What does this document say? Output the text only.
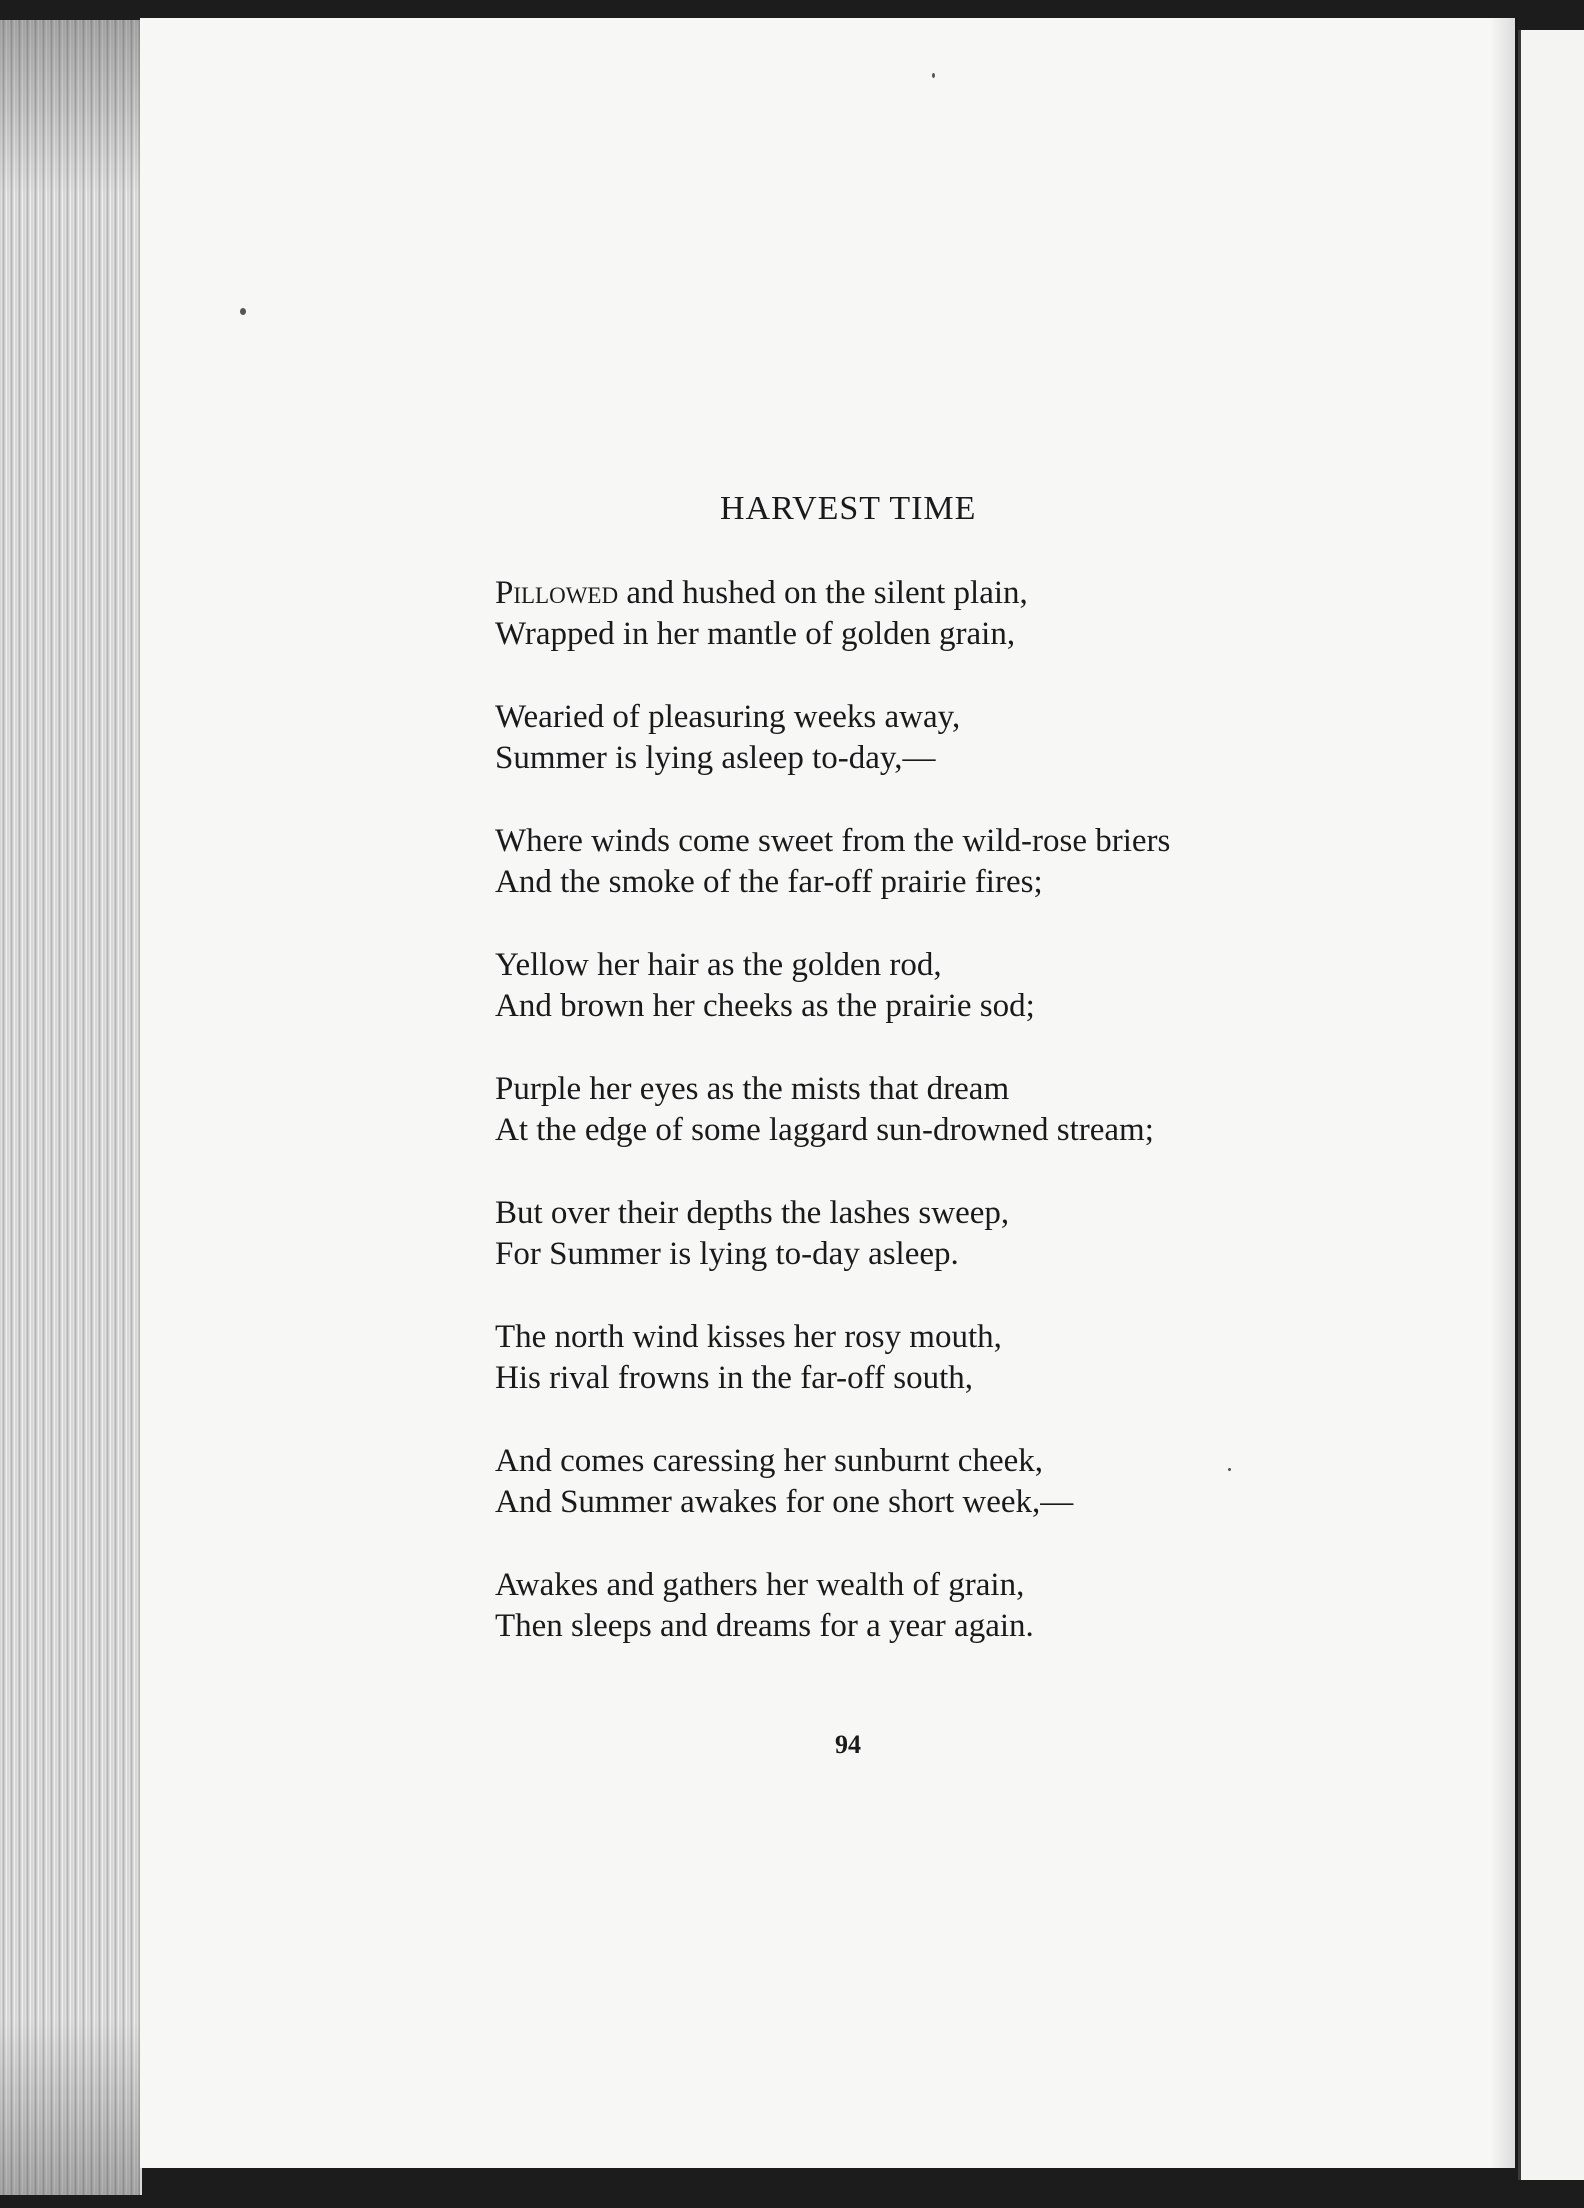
HARVEST TIME
Pillowed and hushed on the silent plain,
Wrapped in her mantle of golden grain,
Wearied of pleasuring weeks away,
Summer is lying asleep to-day,—
Where winds come sweet from the wild-rose briers
And the smoke of the far-off prairie fires;
Yellow her hair as the golden rod,
And brown her cheeks as the prairie sod;
Purple her eyes as the mists that dream
At the edge of some laggard sun-drowned stream;
But over their depths the lashes sweep,
For Summer is lying to-day asleep.
The north wind kisses her rosy mouth,
His rival frowns in the far-off south,
And comes caressing her sunburnt cheek,
And Summer awakes for one short week,—
Awakes and gathers her wealth of grain,
Then sleeps and dreams for a year again.
94
